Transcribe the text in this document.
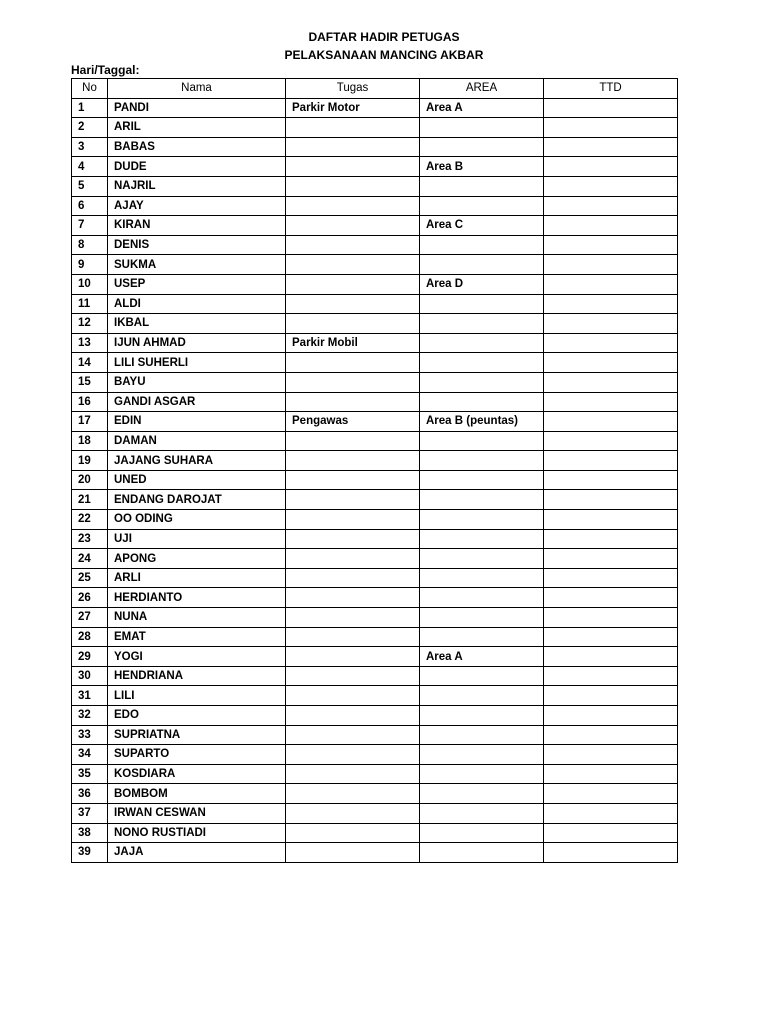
DAFTAR HADIR PETUGAS
PELAKSANAAN MANCING AKBAR
Hari/Taggal:
No	Nama	Tugas	AREA	TTD
1	PANDI	Parkir Motor	Area A	
2	ARIL			
3	BABAS			
4	DUDE		Area B	
5	NAJRIL			
6	AJAY			
7	KIRAN		Area C	
8	DENIS			
9	SUKMA			
10	USEP		Area D	
11	ALDI			
12	IKBAL			
13	IJUN AHMAD	Parkir Mobil		
14	LILI SUHERLI			
15	BAYU			
16	GANDI ASGAR			
17	EDIN	Pengawas	Area B (peuntas)	
18	DAMAN			
19	JAJANG SUHARA			
20	UNED			
21	ENDANG DAROJAT			
22	OO ODING			
23	UJI			
24	APONG			
25	ARLI			
26	HERDIANTO			
27	NUNA			
28	EMAT			
29	YOGI		Area A	
30	HENDRIANA			
31	LILI			
32	EDO			
33	SUPRIATNA			
34	SUPARTO			
35	KOSDIARA			
36	BOMBOM			
37	IRWAN CESWAN			
38	NONO RUSTIADI			
39	JAJA			
